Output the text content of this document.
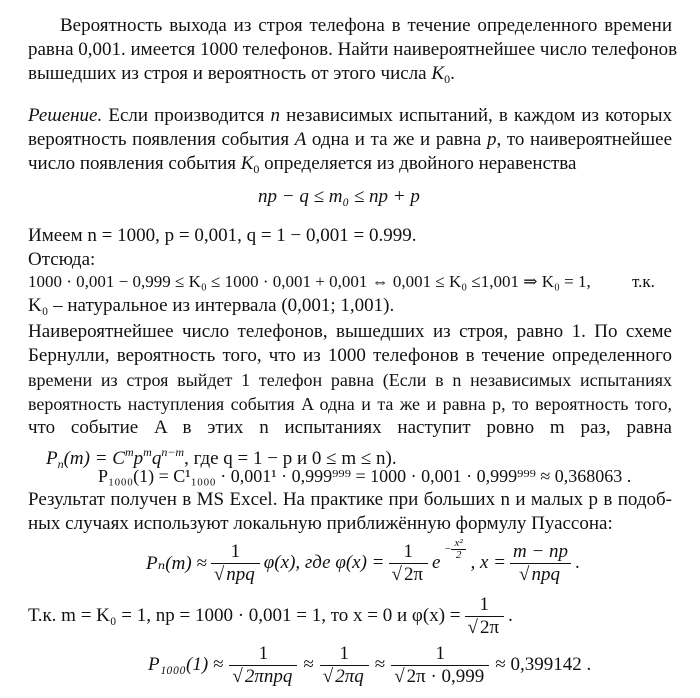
Вероятность выхода из строя телефона в течение определенного времени
равна 0,001. имеется 1000 телефонов. Найти наивероятнейшее число телефонов
вышедших из строя и вероятность от этого числа $K_0$.
Решение. Если производится n независимых испытаний, в каждом из которых
вероятность появления события A одна и та же и равна p, то наивероятнейшее
число появления события $K_0$ определяется из двойного неравенства
np − q ≤ m₀ ≤ np + p
Имеем n = 1000, p = 0,001, q = 1 − 0,001 = 0.999.
Отсюда:
1000 · 0,001 − 0,999 ≤ K₀ ≤ 1000 · 0,001 + 0,001 ⇔ 0,001 ≤ K₀ ≤1,001 ⇒ K₀ = 1, т.к.
K₀ – натуральное из интервала (0,001; 1,001).
Наивероятнейшее число телефонов, вышедших из строя, равно 1. По схеме
Бернулли, вероятность того, что из 1000 телефонов в течение определенного
времени из строя выйдет 1 телефон равна (Если в n независимых испытаниях
вероятность наступления события A одна и та же и равна p, то вероятность того,
что событие A в этих n испытаниях наступит ровно m раз, равна
$P_n(m) = C^mp^mq^{n-m}$, где q = 1 − p и 0 ≤ m ≤ n).
P₁₀₀₀(1) = C¹₁₀₀₀ · 0,001¹ · 0,999⁹⁹⁹ = 1000 · 0,001 · 0,999⁹⁹⁹ ≈ 0,368063 .
Результат получен в MS Excel. На практике при больших n и малых p в подоб-
ных случаях используют локальную приближённую формулу Пуассона:
$P_n(m) \approx \frac{1}{\text{√ npq}} \varphi(x)$, где $\varphi(x) = \frac{1}{√ 2\pi}$ e
− $\frac{\text{x²}}{2}$
, $x = \frac{m - np}{\text{√ npq}}$ .
Т.к. m = K₀ = 1, np = 1000 · 0,001 = 1, то x = 0 и $\varphi(x) = \frac{1}{√ 2\pi}$ .
$P_{1000}(1) \approx \frac{1}{\text{√ 2πnpq}} \approx \frac{1}{√ 2\pi q} \approx \frac{1}{√ 2\pi \cdot 0,999} \approx 0,399142$ .
